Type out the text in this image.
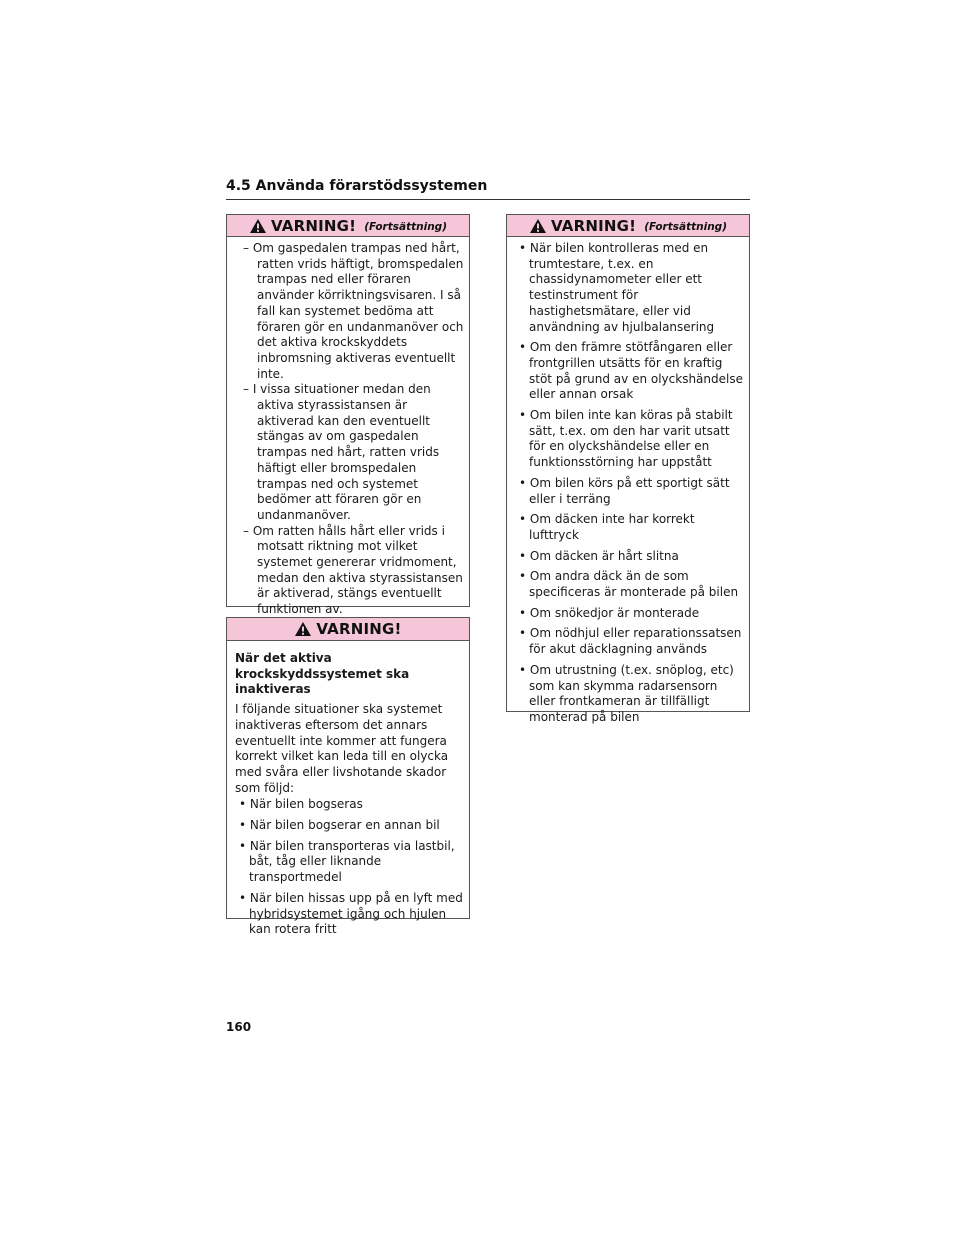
4.5 Använda förarstödssystemen
VARNING! (Fortsättning)

– Om gaspedalen trampas ned hårt, ratten vrids häftigt, bromspedalen trampas ned eller föraren använder körriktningsvisaren. I så fall kan systemet bedöma att föraren gör en undanmanöver och det aktiva krockskyddets inbromsning aktiveras eventuellt inte.

– I vissa situationer medan den aktiva styrassistansen är aktiverad kan den eventuellt stängas av om gaspedalen trampas ned hårt, ratten vrids häftigt eller bromspedalen trampas ned och systemet bedömer att föraren gör en undanmanöver.

– Om ratten hålls hårt eller vrids i motsatt riktning mot vilket systemet genererar vridmoment, medan den aktiva styrassistansen är aktiverad, stängs eventuellt funktionen av.

VARNING!
När det aktiva krockskyddssystemet ska inaktiveras
I följande situationer ska systemet inaktiveras eftersom det annars eventuellt inte kommer att fungera korrekt vilket kan leda till en olycka med svåra eller livshotande skador som följd:

• När bilen bogseras

• När bilen bogserar en annan bil

• När bilen transporteras via lastbil, båt, tåg eller liknande transportmedel

• När bilen hissas upp på en lyft med hybridsystemet igång och hjulen kan rotera fritt

VARNING! (Fortsättning)

• När bilen kontrolleras med en trumtestare, t.ex. en chassidynamometer eller ett testinstrument för hastighetsmätare, eller vid användning av hjulbalansering

• Om den främre stötfångaren eller frontgrillen utsätts för en kraftig stöt på grund av en olyckshändelse eller annan orsak

• Om bilen inte kan köras på stabilt sätt, t.ex. om den har varit utsatt för en olyckshändelse eller en funktionsstörning har uppstått

• Om bilen körs på ett sportigt sätt eller i terräng

• Om däcken inte har korrekt lufttryck

• Om däcken är hårt slitna

• Om andra däck än de som specificeras är monterade på bilen

• Om snökedjor är monterade

• Om nödhjul eller reparationssatsen för akut däcklagning används

• Om utrustning (t.ex. snöplog, etc) som kan skymma radarsensorn eller frontkameran är tillfälligt monterad på bilen

160
